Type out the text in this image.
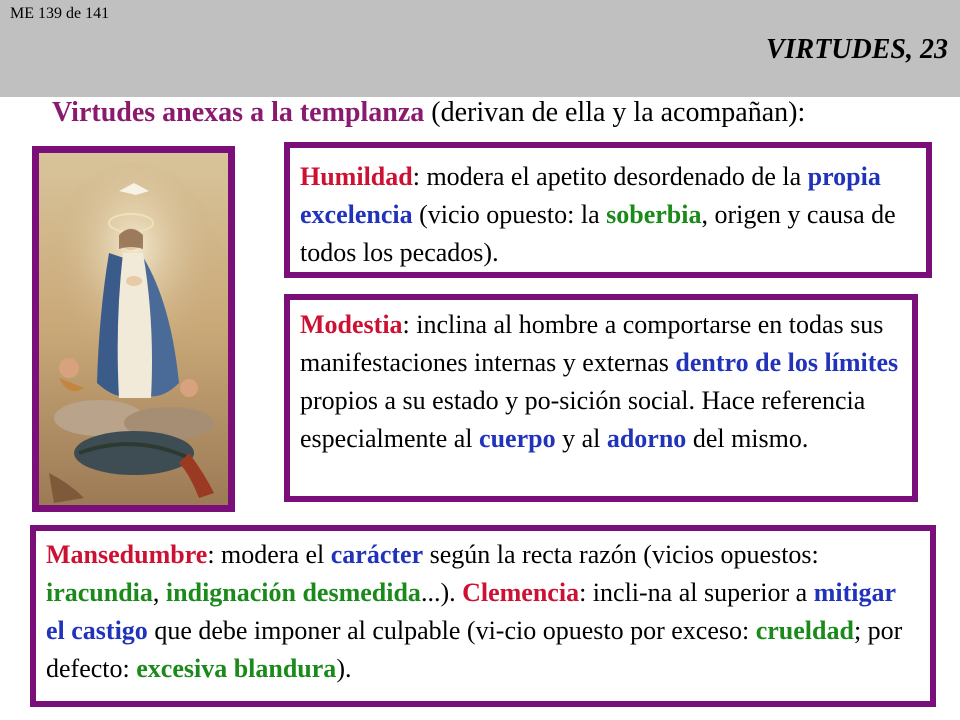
ME 139 de 141
VIRTUDES, 23
Virtudes anexas a la templanza (derivan de ella y la acompañan):
Humildad: modera el apetito desordenado de la propia excelencia (vicio opuesto: la soberbia, origen y causa de todos los pecados).
Modestia: inclina al hombre a comportarse en todas sus manifestaciones internas y externas dentro de los límites propios a su estado y po-sición social. Hace referencia especialmente al cuerpo y al adorno del mismo.
Mansedumbre: modera el carácter según la recta razón (vicios opuestos: iracundia, indignación desmedida...). Clemencia: incli-na al superior a mitigar el castigo que debe imponer al culpable (vi-cio opuesto por exceso: crueldad; por defecto: excesiva blandura).
